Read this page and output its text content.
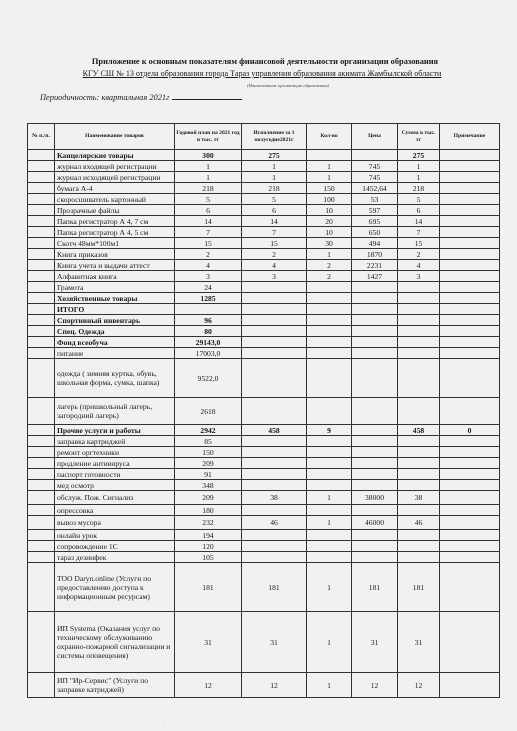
Приложение к основным показателям финансовой деятельности организации образования
КГУ СШ № 13 отдела образования города Тараз управления образования акимата Жамбылской области
(Наименование организации образования)
Периодичность: квартальная 2021г
№ п./п.	Наименование товаров	Годовой план на 2021 год в тыс. тг	Исполнение за 1 полугодие2021г	Кол-во	Цена	Сумма в тыс. тг	Примечание
	Канцелярские товары	300	275			275	
	журнал входящей регистрации	1	1	1	745	1	
	журнал исходящей регистрации	1	1	1	745	1	
	бумага А-4	218	218	150	1452,64	218	
	скоросшиватель картонный	5	5	100	53	5	
	Прозрачные файлы	6	6	10	597	6	
	Папка регистратор А 4, 7 см	14	14	20	695	14	
	Папка регистратор А 4, 5 см	7	7	10	650	7	
	Скотч 48мм*100м1	15	15	30	494	15	
	Книга приказов	2	2	1	1870	2	
	Книга учета и выдачи аттест	4	4	2	2231	4	
	Алфавитная книга	3	3	2	1427	3	
	Грамота	24					
	Хозяйственные товары	1285					
	ИТОГО						
	Спортивный инвентарь	96					
	Спец. Одежда	80					
	Фонд всеобуча	29143,0					
	питание	17003,0					
	одежда ( зимняя куртка, обувь, школьная форма, сумка, шапка)	9522,0					
	лагерь (пришкольный лагерь, загородний лагерь)	2618					
	Прочие услуги и работы	2942	458	9		458	0
	заправка картриджей	85					
	ремонт оргтехники	150					
	продление антивируса	209					
	паспорт готовности	91					
	мед осмотр	348					
	обслуж. Пож. Сигнализ	209	38	1	38000	38	
	опрессовка	180					
	вывоз мусора	232	46	1	46000	46	
	онлайн урок	194					
	сопровождение 1С	120					
	тараз дезинфек	105					
	ТОО Daryn.online (Услуги по предоставлению доступа к информационным ресурсам)	181	181	1	181	181	
	ИП Systema (Оказания услуг по техническому обслуживанию охранно-пожарной сигнализации и системы оповещения)	31	31	1	31	31	
	ИП "Ир-Сервис" (Услуги по заправке катриджей)	12	12	1	12	12	
·
